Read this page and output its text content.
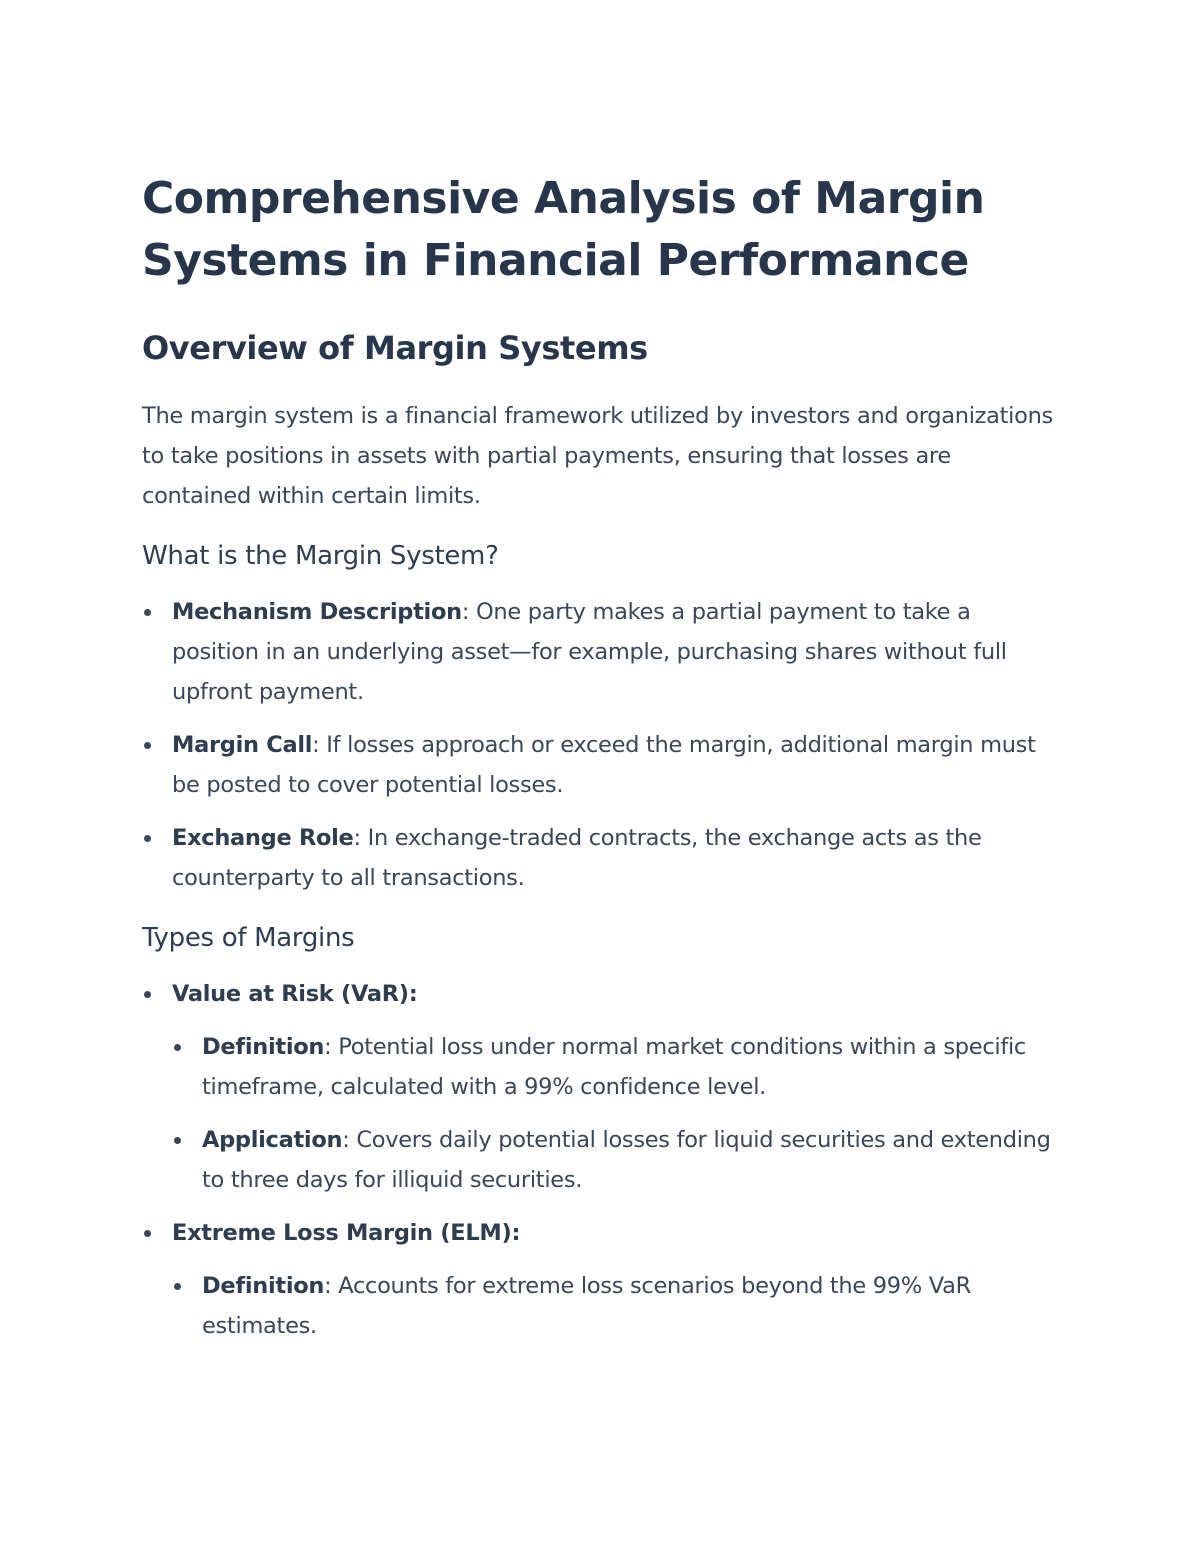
Comprehensive Analysis of Margin Systems in Financial Performance
Overview of Margin Systems

The margin system is a financial framework utilized by investors and organizations to take positions in assets with partial payments, ensuring that losses are contained within certain limits.

What is the Margin System?
Mechanism Description: One party makes a partial payment to take a position in an underlying asset—for example, purchasing shares without full upfront payment.
Margin Call: If losses approach or exceed the margin, additional margin must be posted to cover potential losses.
Exchange Role: In exchange-traded contracts, the exchange acts as the counterparty to all transactions.
Types of Margins
Value at Risk (VaR):
Definition: Potential loss under normal market conditions within a specific timeframe, calculated with a 99% confidence level.
Application: Covers daily potential losses for liquid securities and extending to three days for illiquid securities.
Extreme Loss Margin (ELM):
Definition: Accounts for extreme loss scenarios beyond the 99% VaR estimates.
